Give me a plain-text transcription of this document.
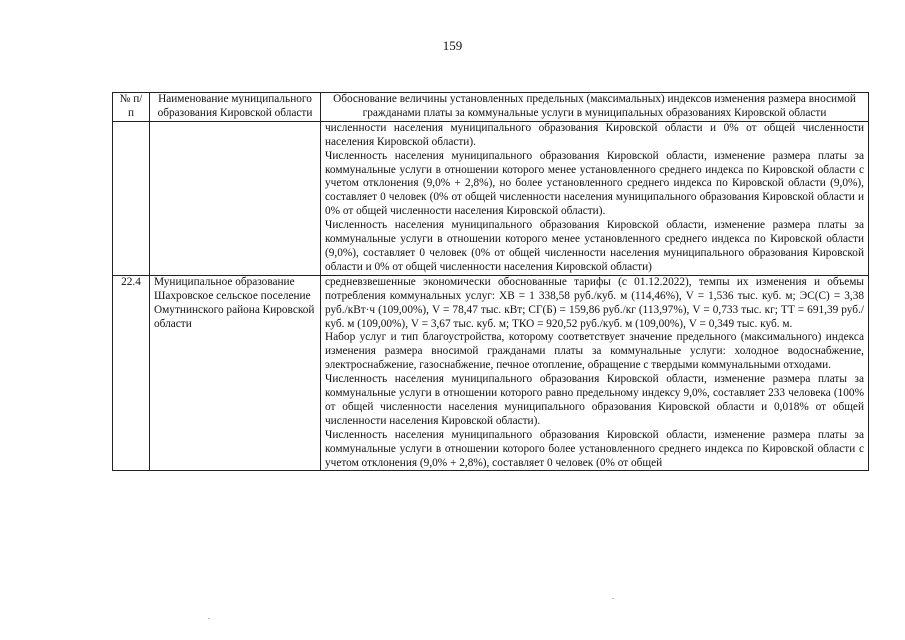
159
№ п/п	Наименование муниципального образования Кировской области	Обоснование величины установленных предельных (максимальных) индексов изменения размера вносимой гражданами платы за коммунальные услуги в муниципальных образованиях Кировской области

		численности населения муниципального образования Кировской области и 0% от общей численности населения Кировской области).

Численность населения муниципального образования Кировской области, изменение размера платы за коммунальные услуги в отношении которого менее установленного среднего индекса по Кировской области с учетом отклонения (9,0% + 2,8%), но более установленного среднего индекса по Кировской области (9,0%), составляет 0 человек (0% от общей численности населения муниципального образования Кировской области и 0% от общей численности населения Кировской области).

Численность населения муниципального образования Кировской области, изменение размера платы за коммунальные услуги в отношении которого менее установленного среднего индекса по Кировской области (9,0%), составляет 0 человек (0% от общей численности населения муниципального образования Кировской области и 0% от общей численности населения Кировской области)

22.4	Муниципальное образование Шахровское сельское поселение Омутнинского района Кировской области	средневзвешенные экономически обоснованные тарифы (с 01.12.2022), темпы их изменения и объемы потребления коммунальных услуг: ХВ = 1 338,58 руб./куб. м (114,46%), V = 1,536 тыс. куб. м; ЭС(С) = 3,38 руб./кВт·ч (109,00%), V = 78,47 тыс. кВт; СГ(Б) = 159,86 руб./кг (113,97%), V = 0,733 тыс. кг; ТТ = 691,39 руб./куб. м (109,00%), V = 3,67 тыс. куб. м; ТКО = 920,52 руб./куб. м (109,00%), V = 0,349 тыс. куб. м.

Набор услуг и тип благоустройства, которому соответствует значение предельного (максимального) индекса изменения размера вносимой гражданами платы за коммунальные услуги: холодное водоснабжение, электроснабжение, газоснабжение, печное отопление, обращение с твердыми коммунальными отходами.

Численность населения муниципального образования Кировской области, изменение размера платы за коммунальные услуги в отношении которого равно предельному индексу 9,0%, составляет 233 человека (100% от общей численности населения муниципального образования Кировской области и 0,018% от общей численности населения Кировской области).

Численность населения муниципального образования Кировской области, изменение размера платы за коммунальные услуги в отношении которого более установленного среднего индекса по Кировской области с учетом отклонения (9,0% + 2,8%), составляет 0 человек (0% от общей
